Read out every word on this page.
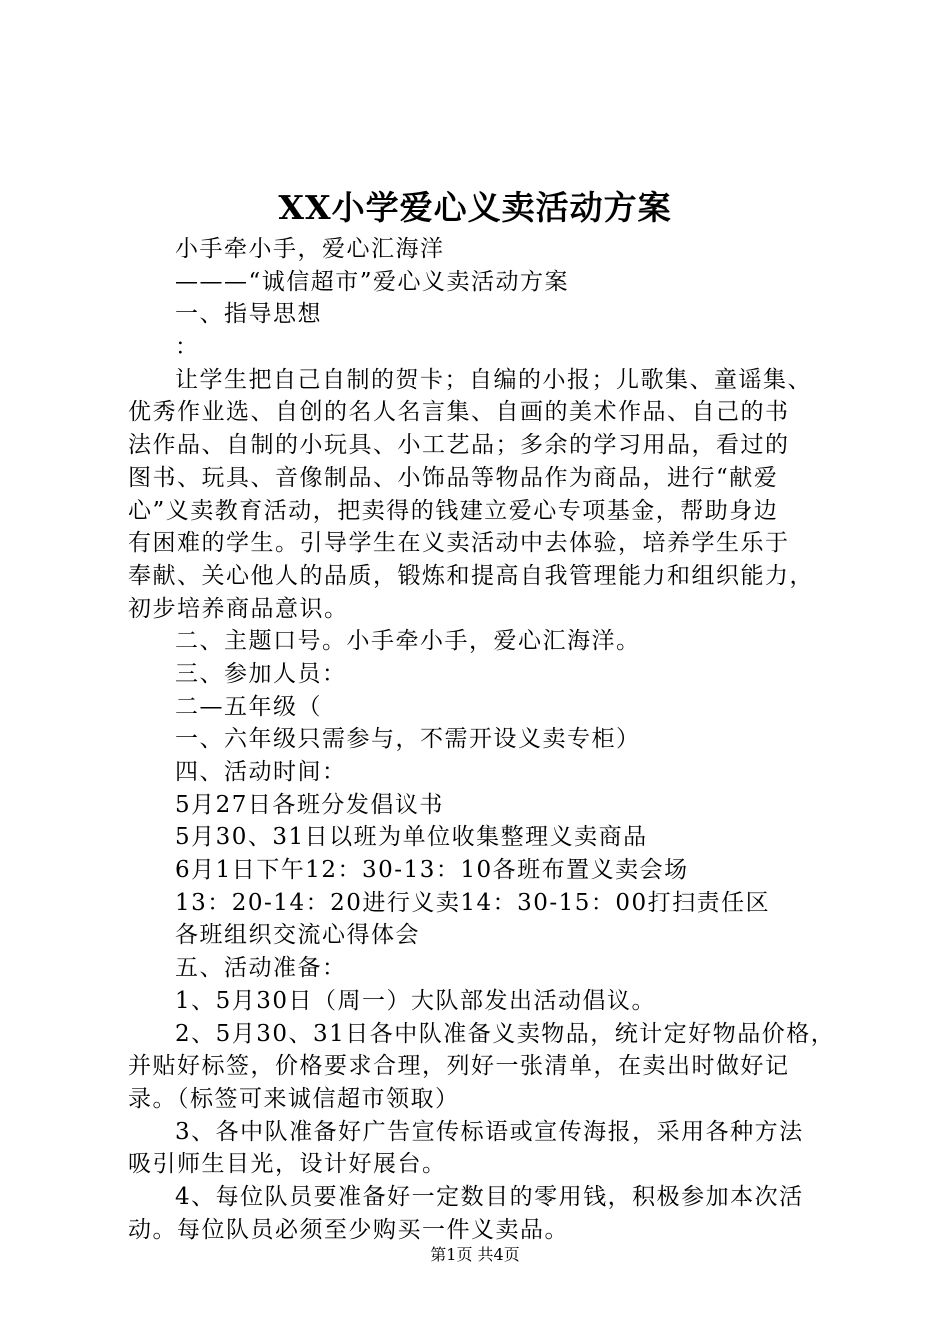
XX小学爱心义卖活动方案
小手牵小手，爱心汇海洋
———“诚信超市”爱心义卖活动方案
一、指导思想
：
让学生把自己自制的贺卡；自编的小报；儿歌集、童谣集、
优秀作业选、自创的名人名言集、自画的美术作品、自己的书
法作品、自制的小玩具、小工艺品；多余的学习用品，看过的
图书、玩具、音像制品、小饰品等物品作为商品，进行“献爱
心”义卖教育活动，把卖得的钱建立爱心专项基金，帮助身边
有困难的学生。引导学生在义卖活动中去体验，培养学生乐于
奉献、关心他人的品质，锻炼和提高自我管理能力和组织能力，
初步培养商品意识。
二、主题口号。小手牵小手，爱心汇海洋。
三、参加人员：
二—五年级（
一、六年级只需参与，不需开设义卖专柜）
四、活动时间：
5月27日各班分发倡议书
5月30、31日以班为单位收集整理义卖商品
6月1日下午12：30-13：10各班布置义卖会场
13：20-14：20进行义卖14：30-15：00打扫责任区
各班组织交流心得体会
五、活动准备：
1、5月30日（周一）大队部发出活动倡议。
2、5月30、31日各中队准备义卖物品，统计定好物品价格，
并贴好标签，价格要求合理，列好一张清单，在卖出时做好记
录。（标签可来诚信超市领取）
3、各中队准备好广告宣传标语或宣传海报，采用各种方法
吸引师生目光，设计好展台。
4、每位队员要准备好一定数目的零用钱，积极参加本次活
动。每位队员必须至少购买一件义卖品。
第1页 共4页
